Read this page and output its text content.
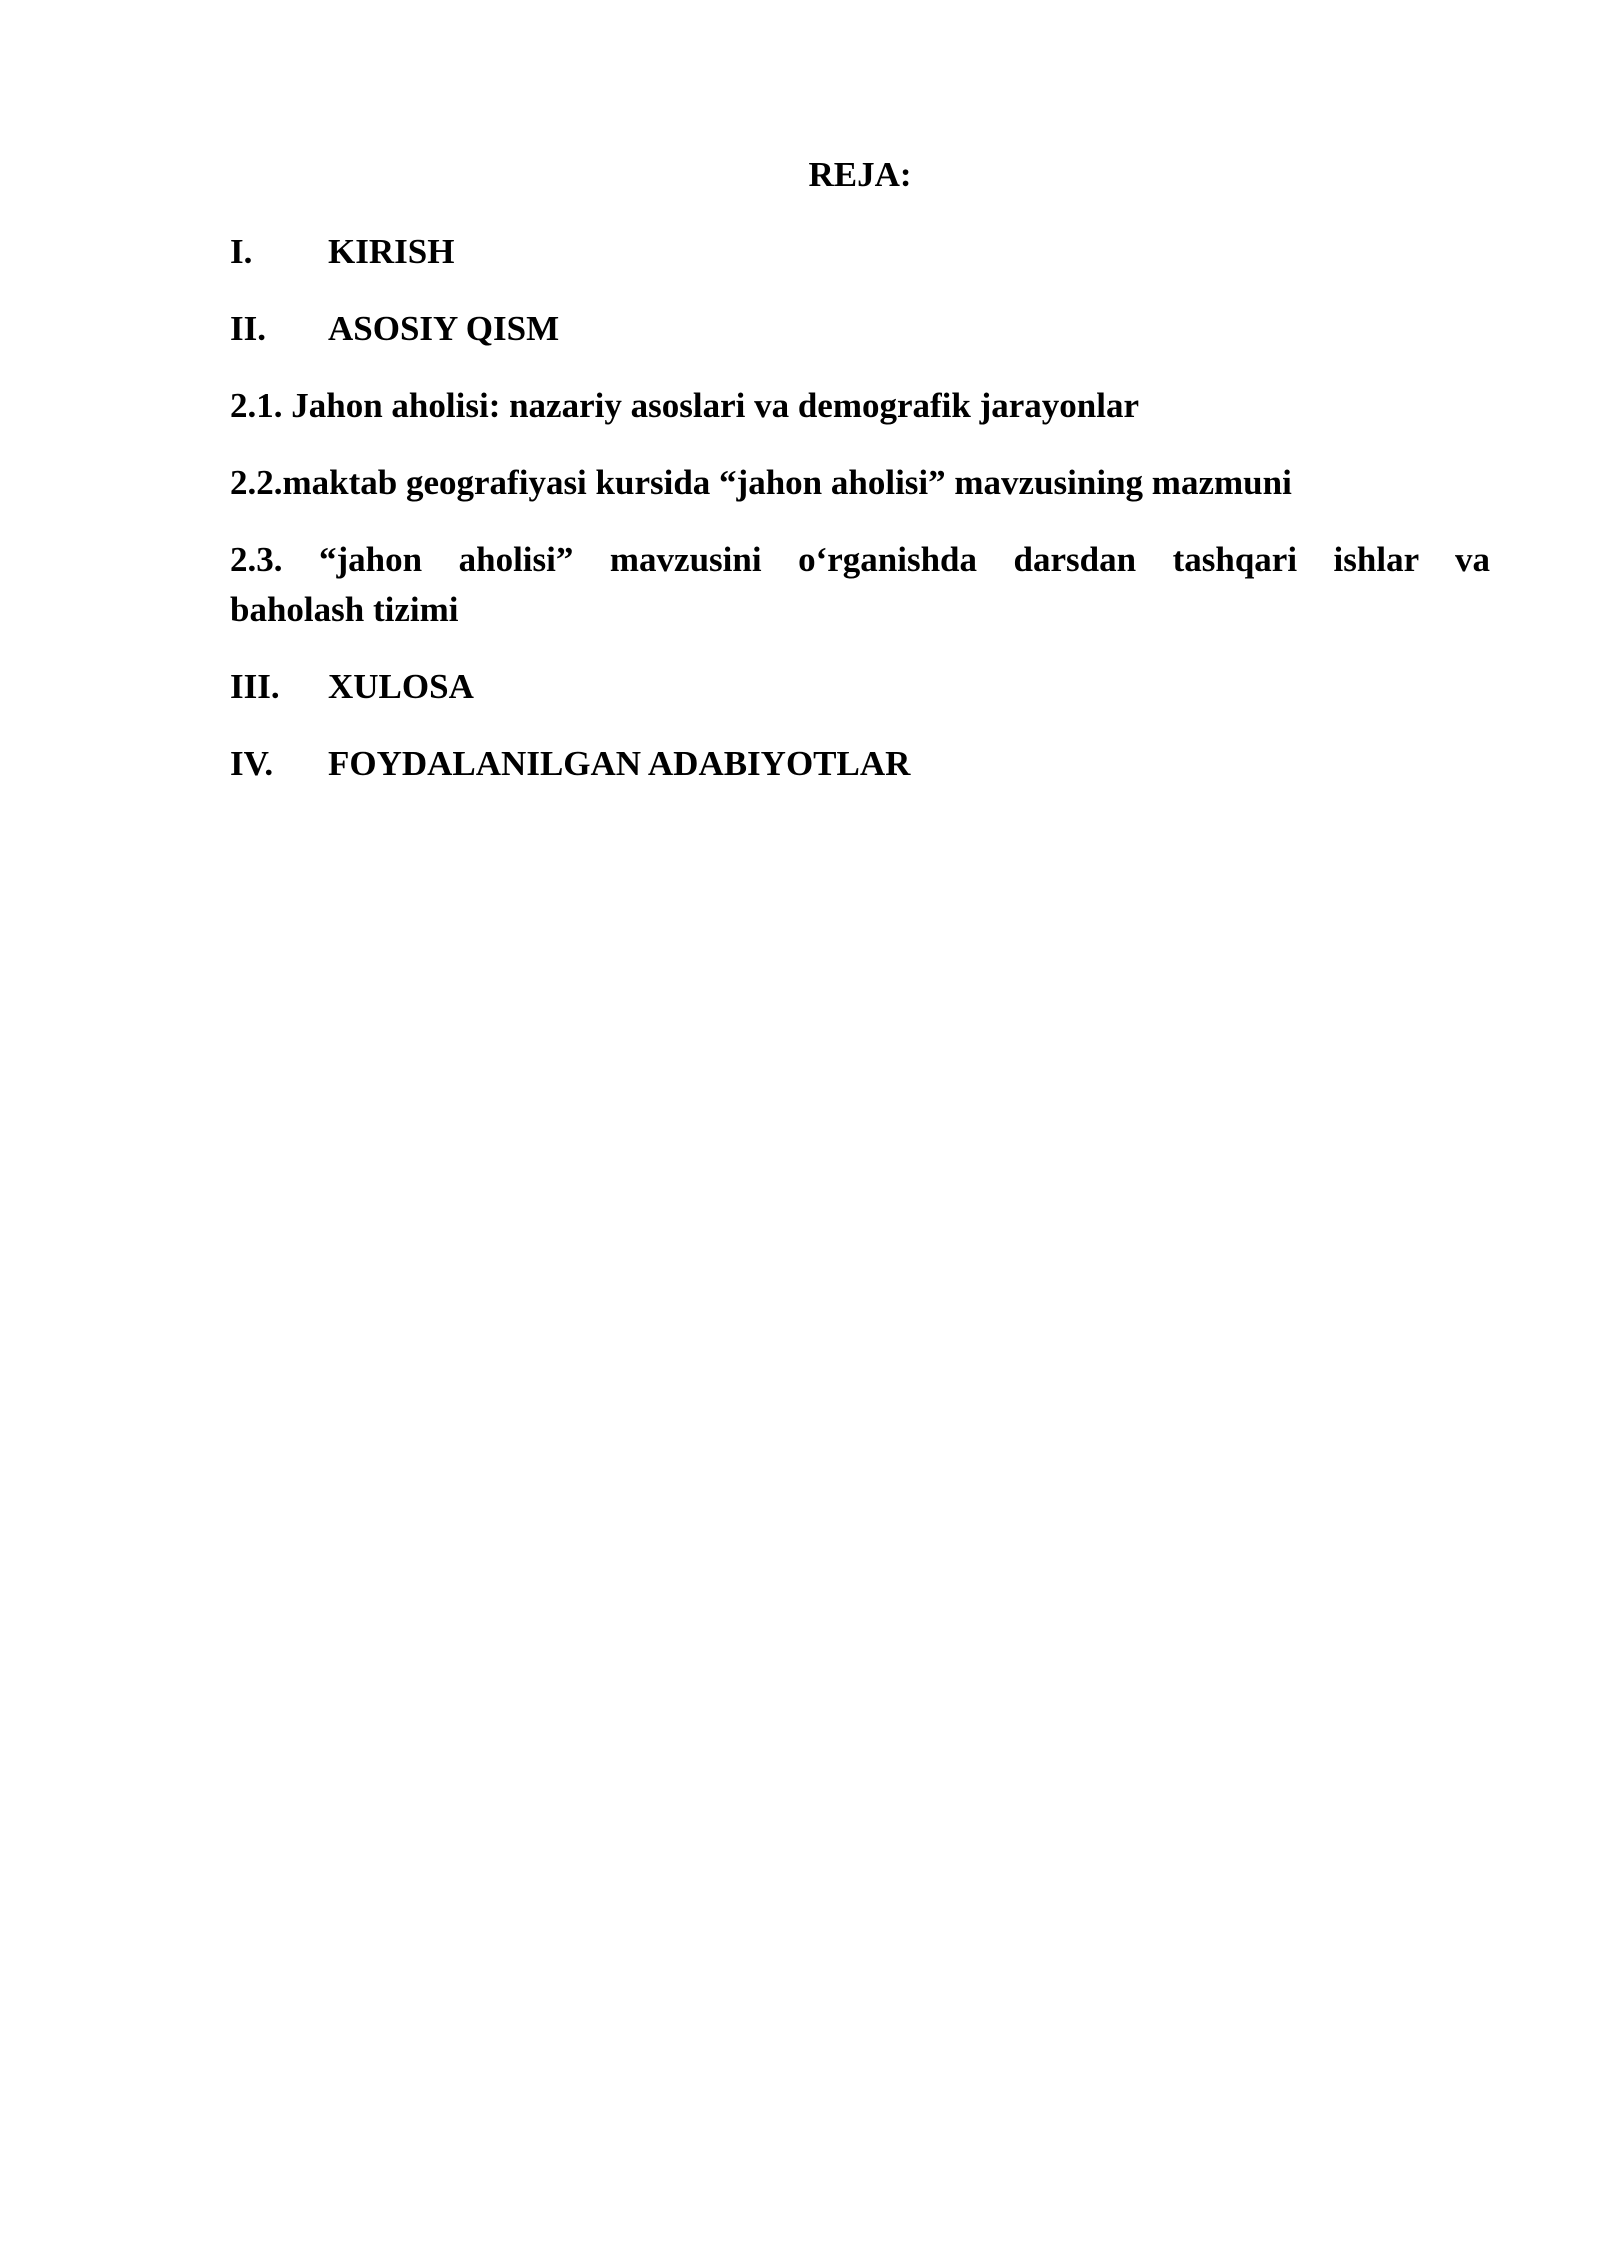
REJA:
I.	KIRISH
II.	ASOSIY QISM
2.1. Jahon aholisi: nazariy asoslari va demografik jarayonlar
2.2.maktab geografiyasi kursida “jahon aholisi” mavzusining mazmuni
2.3. “jahon aholisi” mavzusini o‘rganishda darsdan tashqari ishlar va
baholash tizimi
III.	XULOSA
IV.	FOYDALANILGAN ADABIYOTLAR
